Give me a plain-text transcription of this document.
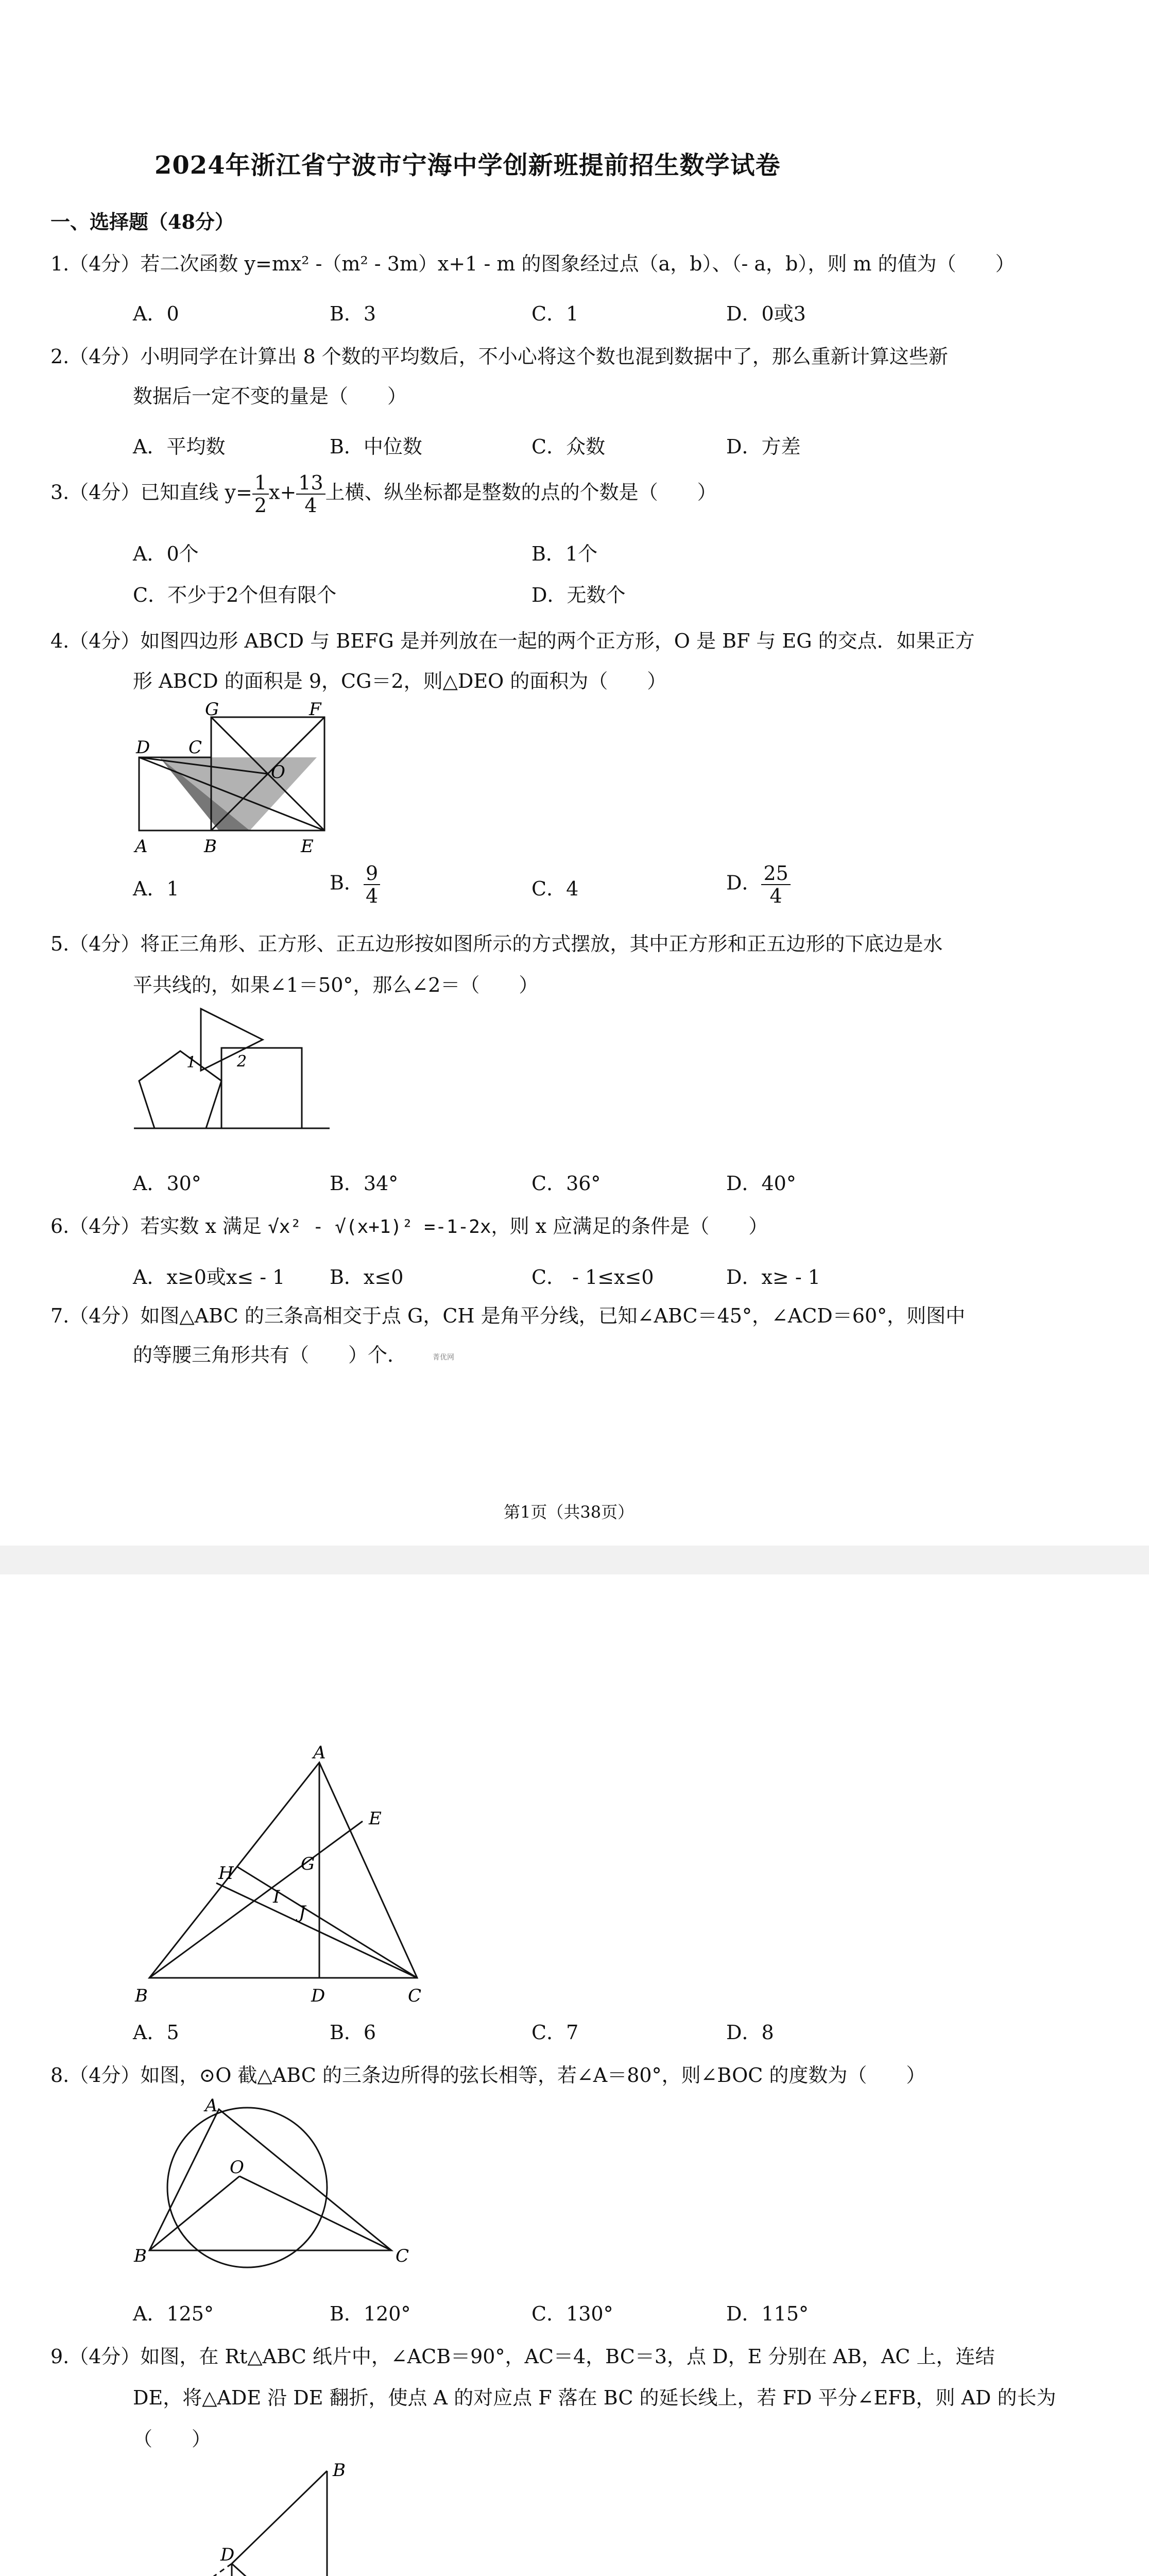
2024年浙江省宁波市宁海中学创新班提前招生数学试卷
一、选择题（48分）
1.（4分）若二次函数 y=mx² -（m² - 3m）x+1 - m 的图象经过点（a，b）、（- a，b），则 m 的值为（　　）
A．0	B．3	C．1	D．0或3
2.（4分）小明同学在计算出 8 个数的平均数后，不小心将这个数也混到数据中了，那么重新计算这些新
数据后一定不变的量是（　　）
A．平均数	B．中位数	C．众数	D．方差
3.（4分）已知直线 $y= \frac{1}{2} x+ \frac{13}{4}$ 上横、纵坐标都是整数的点的个数是（　　）
A．0个	B．1个
C．不少于2个但有限个	D．无数个
4.（4分）如图四边形 ABCD 与 BEFG 是并列放在一起的两个正方形，O 是 BF 与 EG 的交点．如果正方
形 ABCD 的面积是 9，CG＝2，则△DEO 的面积为（　　）
G	F
D C
O
A	B	E
A．1	B． $\frac{9}{4}$	C．4	D． $\frac{25}{4}$
5.（4分）将正三角形、正方形、正五边形按如图所示的方式摆放，其中正方形和正五边形的下底边是水
平共线的，如果∠1＝50°，那么∠2＝（　　）
1	2
A．30°	B．34°	C．36°	D．40°
6.（4分）若实数 x 满足 √x² - √(x+1)² =-1-2x，则 x 应满足的条件是（　　）
A．x≥0或x≤ - 1 B．x≤0	C． - 1≤x≤0	D．x≥ - 1
7.（4分）如图△ABC 的三条高相交于点 G，CH 是角平分线，已知∠ABC＝45°，∠ACD＝60°，则图中
的等腰三角形共有（　　）个．	菁优网
第1页（共38页）
A
H
E
G
I
J
B	D	C
A．5	B．6	C．7	D．8
8.（4分）如图，⊙O 截△ABC 的三条边所得的弦长相等，若∠A＝80°，则∠BOC 的度数为（　　）
A
O
B	C
A．125°	B．120°	C．130°	D．115°
9.（4分）如图，在 Rt△ABC 纸片中，∠ACB＝90°，AC＝4，BC＝3，点 D，E 分别在 AB，AC 上，连结
DE，将△ADE 沿 DE 翻折，使点 A 的对应点 F 落在 BC 的延长线上，若 FD 平分∠EFB，则 AD 的长为
（　　）
B
D
